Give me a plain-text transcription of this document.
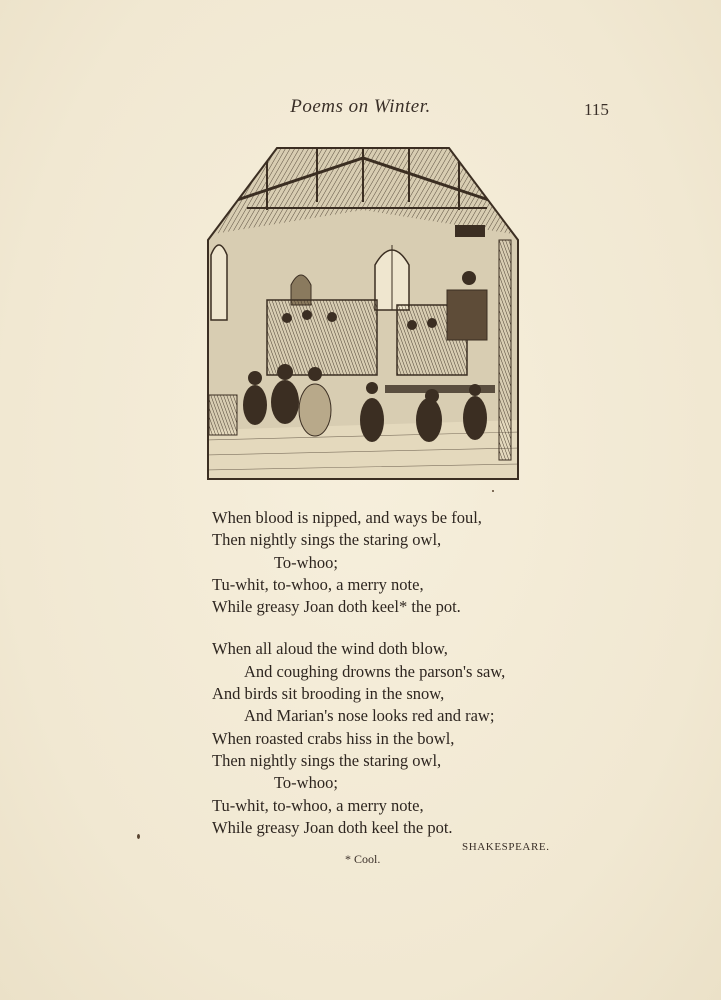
Poems on Winter.	115
When blood is nipped, and ways be foul,
Then nightly sings the staring owl,
To-whoo;
Tu-whit, to-whoo, a merry note,
While greasy Joan doth keel* the pot.
When all aloud the wind doth blow,
And coughing drowns the parson's saw,
And birds sit brooding in the snow,
And Marian's nose looks red and raw;
When roasted crabs hiss in the bowl,
Then nightly sings the staring owl,
To-whoo;
Tu-whit, to-whoo, a merry note,
While greasy Joan doth keel the pot.
SHAKESPEARE.
* Cool.
